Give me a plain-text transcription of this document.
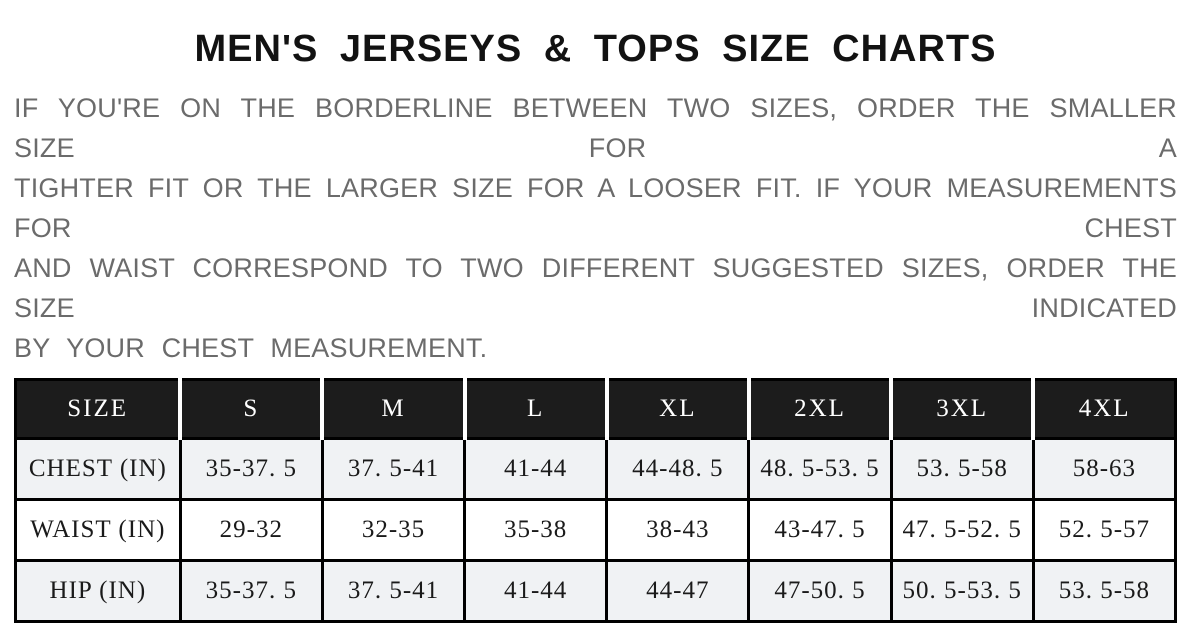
MEN'S JERSEYS & TOPS SIZE CHARTS
IF YOU'RE ON THE BORDERLINE BETWEEN TWO SIZES, ORDER THE SMALLER SIZE FOR A
TIGHTER FIT OR THE LARGER SIZE FOR A LOOSER FIT. IF YOUR MEASUREMENTS FOR CHEST
AND WAIST CORRESPOND TO TWO DIFFERENT SUGGESTED SIZES, ORDER THE SIZE INDICATED
BY YOUR CHEST MEASUREMENT.
SIZE	S	M	L	XL	2XL	3XL	4XL
CHEST (IN)	35-37. 5	37. 5-41	41-44	44-48. 5	48. 5-53. 5	53. 5-58	58-63
WAIST (IN)	29-32	32-35	35-38	38-43	43-47. 5	47. 5-52. 5	52. 5-57
HIP (IN)	35-37. 5	37. 5-41	41-44	44-47	47-50. 5	50. 5-53. 5	53. 5-58
